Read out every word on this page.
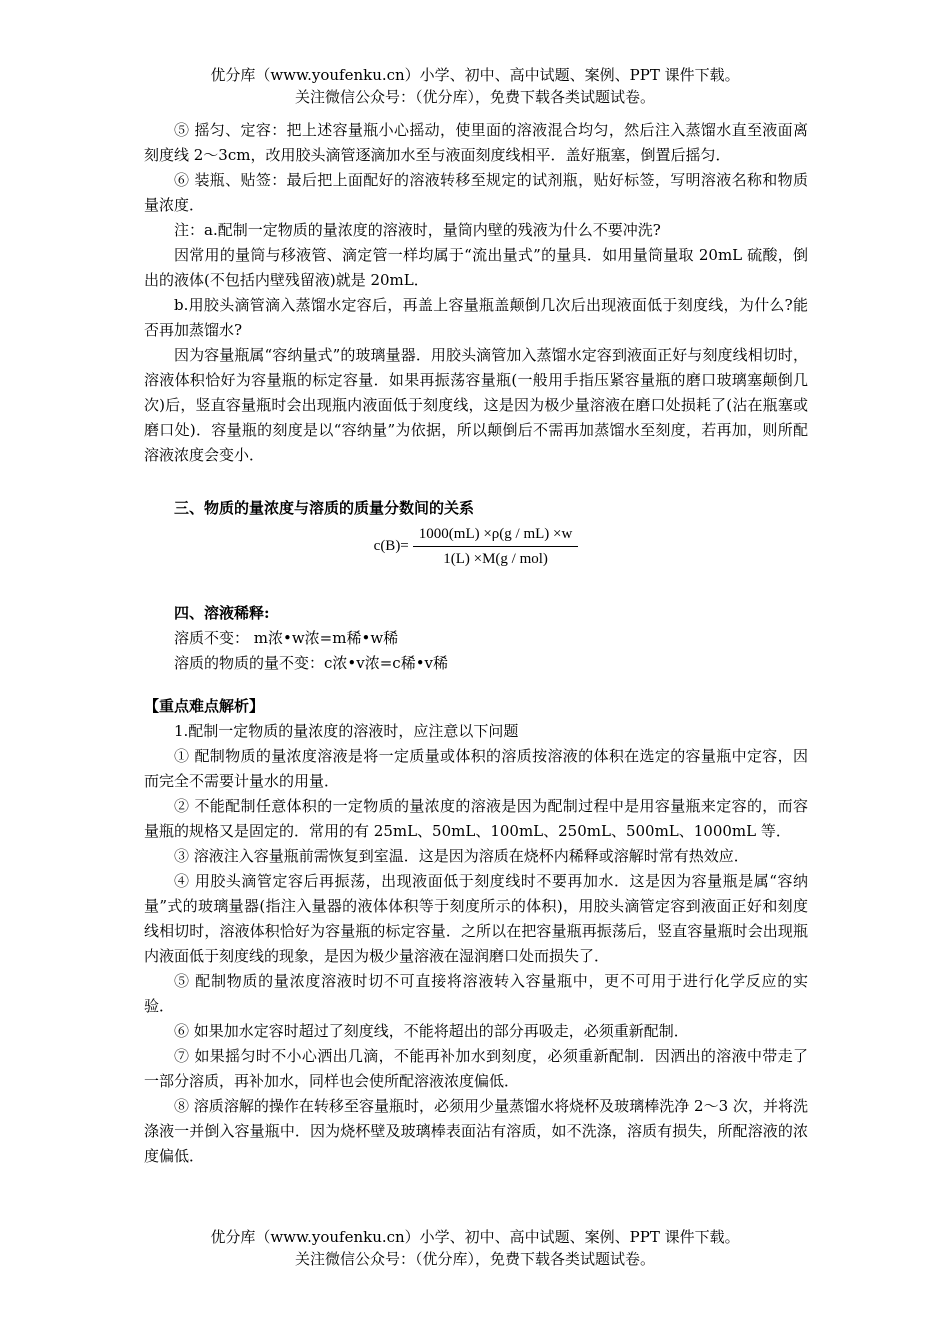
优分库（www.youfenku.cn）小学、初中、高中试题、案例、PPT 课件下载。
关注微信公众号：（优分库），免费下载各类试题试卷。

⑤ 摇匀、定容：把上述容量瓶小心摇动，使里面的溶液混合均匀，然后注入蒸馏水直至液面离刻度线 2～3cm，改用胶头滴管逐滴加水至与液面刻度线相平．盖好瓶塞，倒置后摇匀．

⑥ 装瓶、贴签：最后把上面配好的溶液转移至规定的试剂瓶，贴好标签，写明溶液名称和物质量浓度．

注：a.配制一定物质的量浓度的溶液时，量筒内壁的残液为什么不要冲洗?

因常用的量筒与移液管、滴定管一样均属于“流出量式”的量具．如用量筒量取 20mL 硫酸，倒出的液体(不包括内壁残留液)就是 20mL．

b.用胶头滴管滴入蒸馏水定容后，再盖上容量瓶盖颠倒几次后出现液面低于刻度线，为什么?能否再加蒸馏水?

因为容量瓶属“容纳量式”的玻璃量器．用胶头滴管加入蒸馏水定容到液面正好与刻度线相切时，溶液体积恰好为容量瓶的标定容量．如果再振荡容量瓶(一般用手指压紧容量瓶的磨口玻璃塞颠倒几次)后，竖直容量瓶时会出现瓶内液面低于刻度线，这是因为极少量溶液在磨口处损耗了(沾在瓶塞或磨口处)．容量瓶的刻度是以“容纳量”为依据，所以颠倒后不需再加蒸馏水至刻度，若再加，则所配溶液浓度会变小．

三、物质的量浓度与溶质的质量分数间的关系

$c(B)= \frac{1000(mL) \times\rho(g / mL) \times w}{\text{1(L) ×M(g / mol)}}$

四、溶液稀释:

溶质不变： m浓•w浓=m稀•w稀

溶质的物质的量不变：c浓•v浓=c稀•v稀

【重点难点解析】

1.配制一定物质的量浓度的溶液时，应注意以下问题

① 配制物质的量浓度溶液是将一定质量或体积的溶质按溶液的体积在选定的容量瓶中定容，因而完全不需要计量水的用量．

② 不能配制任意体积的一定物质的量浓度的溶液是因为配制过程中是用容量瓶来定容的，而容量瓶的规格又是固定的．常用的有 25mL、50mL、100mL、250mL、500mL、1000mL 等．

③ 溶液注入容量瓶前需恢复到室温．这是因为溶质在烧杯内稀释或溶解时常有热效应．

④ 用胶头滴管定容后再振荡，出现液面低于刻度线时不要再加水．这是因为容量瓶是属“容纳量”式的玻璃量器(指注入量器的液体体积等于刻度所示的体积)，用胶头滴管定容到液面正好和刻度线相切时，溶液体积恰好为容量瓶的标定容量．之所以在把容量瓶再振荡后，竖直容量瓶时会出现瓶内液面低于刻度线的现象，是因为极少量溶液在湿润磨口处而损失了．

⑤ 配制物质的量浓度溶液时切不可直接将溶液转入容量瓶中，更不可用于进行化学反应的实验．

⑥ 如果加水定容时超过了刻度线，不能将超出的部分再吸走，必须重新配制．

⑦ 如果摇匀时不小心洒出几滴，不能再补加水到刻度，必须重新配制．因洒出的溶液中带走了一部分溶质，再补加水，同样也会使所配溶液浓度偏低．

⑧ 溶质溶解的操作在转移至容量瓶时，必须用少量蒸馏水将烧杯及玻璃棒洗净 2～3 次，并将洗涤液一并倒入容量瓶中．因为烧杯壁及玻璃棒表面沾有溶质，如不洗涤，溶质有损失，所配溶液的浓度偏低．

优分库（www.youfenku.cn）小学、初中、高中试题、案例、PPT 课件下载。
关注微信公众号：（优分库），免费下载各类试题试卷。
